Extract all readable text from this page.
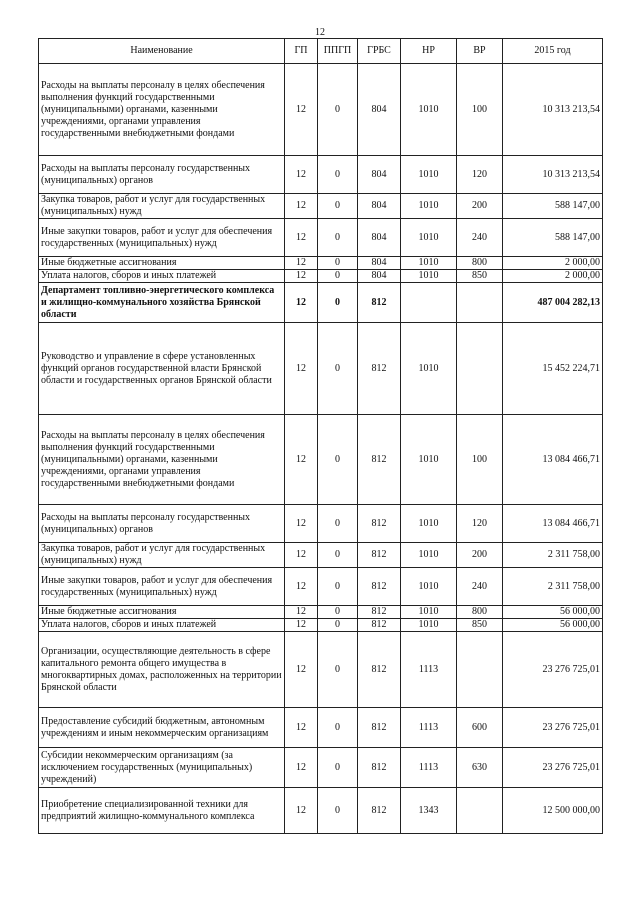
12
Наименование	ГП	ППГП	ГРБС	НР	ВР	2015 год
Расходы на выплаты персоналу в целях обеспечения выполнения функций государственными (муниципальными) органами, казенными учреждениями, органами управления государственными внебюджетными фондами	12	0	804	1010	100	10 313 213,54
Расходы на выплаты персоналу государственных (муниципальных) органов	12	0	804	1010	120	10 313 213,54
Закупка товаров, работ и услуг для государственных (муниципальных) нужд	12	0	804	1010	200	588 147,00
Иные закупки товаров, работ и услуг для обеспечения государственных (муниципальных) нужд	12	0	804	1010	240	588 147,00
Иные бюджетные ассигнования	12	0	804	1010	800	2 000,00
Уплата налогов, сборов и иных платежей	12	0	804	1010	850	2 000,00
Департамент топливно-энергетического комплекса и жилищно-коммунального хозяйства Брянской области	12	0	812			487 004 282,13
Руководство и управление в сфере установленных функций органов государственной власти Брянской области и государственных органов Брянской области	12	0	812	1010		15 452 224,71
Расходы на выплаты персоналу в целях обеспечения выполнения функций государственными (муниципальными) органами, казенными учреждениями, органами управления государственными внебюджетными фондами	12	0	812	1010	100	13 084 466,71
Расходы на выплаты персоналу государственных (муниципальных) органов	12	0	812	1010	120	13 084 466,71
Закупка товаров, работ и услуг для государственных (муниципальных) нужд	12	0	812	1010	200	2 311 758,00
Иные закупки товаров, работ и услуг для обеспечения государственных (муниципальных) нужд	12	0	812	1010	240	2 311 758,00
Иные бюджетные ассигнования	12	0	812	1010	800	56 000,00
Уплата налогов, сборов и иных платежей	12	0	812	1010	850	56 000,00
Организации, осуществляющие деятельность в сфере капитального ремонта общего имущества в многоквартирных домах, расположенных на территории Брянской области	12	0	812	1113		23 276 725,01
Предоставление субсидий бюджетным, автономным учреждениям и иным некоммерческим организациям	12	0	812	1113	600	23 276 725,01
Субсидии некоммерческим организациям (за исключением государственных (муниципальных) учреждений)	12	0	812	1113	630	23 276 725,01
Приобретение специализированной техники для предприятий жилищно-коммунального комплекса	12	0	812	1343		12 500 000,00
